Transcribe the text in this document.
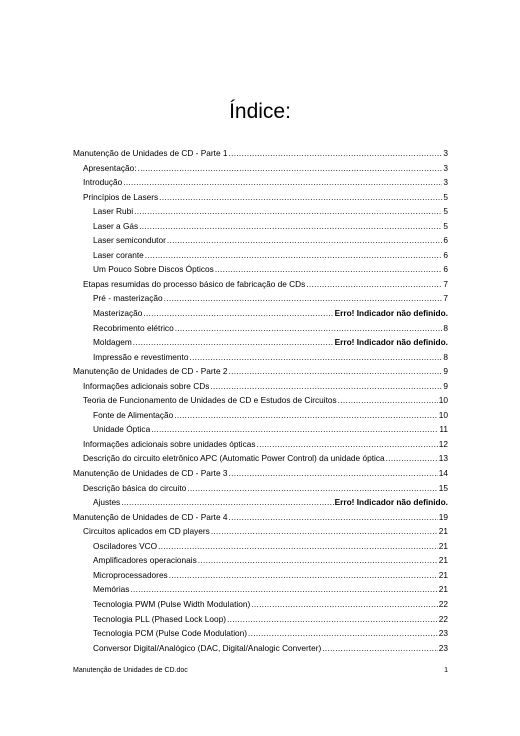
Índice:
Manutenção de Unidades de CD - Parte 1 .....	3
Apresentação: .....	3
Introdução .....	3
Princípios de Lasers .....	5
Laser Rubi .....	5
Laser a Gás .....	5
Laser semicondutor .....	6
Laser corante .....	6
Um Pouco Sobre Discos Ópticos .....	6
Etapas resumidas do processo básico de fabricação de CDs .....	7
Pré - masterização .....	7
Masterização .....	Erro! Indicador não definido.
Recobrimento elétrico .....	8
Moldagem .....	Erro! Indicador não definido.
Impressão e revestimento .....	8
Manutenção de Unidades de CD - Parte 2 .....	9
Informações adicionais sobre CDs .....	9
Teoria de Funcionamento de Unidades de CD e Estudos de Circuitos .....	10
Fonte de Alimentação .....	10
Unidade Óptica .....	11
Informações adicionais sobre unidades ópticas .....	12
Descrição do circuito eletrônico APC (Automatic Power Control) da unidade óptica .....	13
Manutenção de Unidades de CD - Parte 3 .....	14
Descrição básica do circuito .....	15
Ajustes .....	Erro! Indicador não definido.
Manutenção de Unidades de CD - Parte 4 .....	19
Circuitos aplicados em CD players .....	21
Osciladores VCO .....	21
Amplificadores operacionais .....	21
Microprocessadores .....	21
Memórias .....	21
Tecnologia PWM (Pulse Width Modulation) .....	22
Tecnologia PLL (Phased Lock Loop) .....	22
Tecnologia PCM (Pulse Code Modulation) .....	23
Conversor Digital/Analógico (DAC, Digital/Analogic Converter) .....	23
Manutenção de Unidades de CD.doc	1
